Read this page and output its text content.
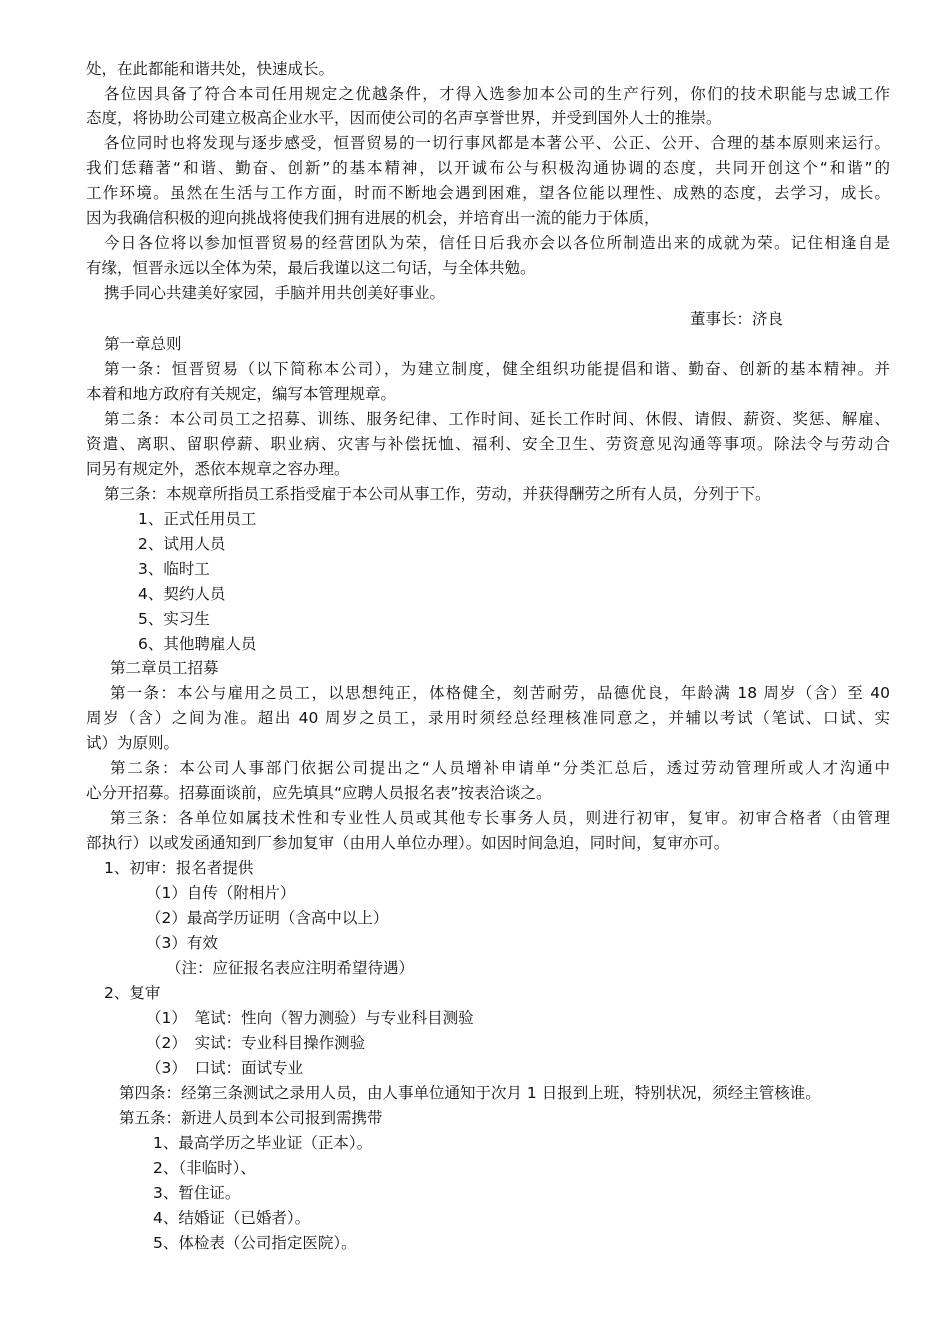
处，在此都能和谐共处，快速成长。
各位因具备了符合本司任用规定之优越条件，才得入选参加本公司的生产行列，你们的技术职能与忠诚工作
态度，将协助公司建立极高企业水平，因而使公司的名声享誉世界，并受到国外人士的推崇。
各位同时也将发现与逐步感受，恒晋贸易的一切行事风都是本著公平、公正、公开、合理的基本原则来运行。
我们恁藉著“和谐、勤奋、创新”的基本精神，以开诚布公与积极沟通协调的态度，共同开创这个“和谐”的
工作环境。虽然在生活与工作方面，时而不断地会遇到困难，望各位能以理性、成熟的态度，去学习，成长。
因为我确信积极的迎向挑战将使我们拥有进展的机会，并培育出一流的能力于体质，
今日各位将以参加恒晋贸易的经营团队为荣，信任日后我亦会以各位所制造出来的成就为荣。记住相逢自是
有缘，恒晋永远以全体为荣，最后我谨以这二句话，与全体共勉。
携手同心共建美好家园，手脑并用共创美好事业。
董事长：济良
第一章总则
第一条：恒晋贸易（以下简称本公司），为建立制度，健全组织功能提倡和谐、勤奋、创新的基本精神。并
本着和地方政府有关规定，编写本管理规章。
第二条：本公司员工之招募、训练、服务纪律、工作时间、延长工作时间、休假、请假、薪资、奖惩、解雇、
资遣、离职、留职停薪、职业病、灾害与补偿抚恤、福利、安全卫生、劳资意见沟通等事项。除法令与劳动合
同另有规定外，悉依本规章之容办理。
第三条：本规章所指员工系指受雇于本公司从事工作，劳动，并获得酬劳之所有人员，分列于下。
1、正式任用员工
2、试用人员
3、临时工
4、契约人员
5、实习生
6、其他聘雇人员
第二章员工招募
第一条：本公与雇用之员工，以思想纯正，体格健全，刻苦耐劳，品德优良，年龄满 18 周岁（含）至 40
周岁（含）之间为准。超出 40 周岁之员工，录用时须经总经理核准同意之，并辅以考试（笔试、口试、实
试）为原则。
第二条：本公司人事部门依据公司提出之“人员增补申请单“分类汇总后，透过劳动管理所或人才沟通中
心分开招募。招募面谈前，应先填具“应聘人员报名表”按表洽谈之。
第三条：各单位如属技术性和专业性人员或其他专长事务人员，则进行初审，复审。初审合格者（由管理
部执行）以或发函通知到厂参加复审（由用人单位办理）。如因时间急迫，同时间，复审亦可。
1、初审：报名者提供
（1）自传（附相片）
（2）最高学历证明（含高中以上）
（3）有效
（注：应征报名表应注明希望待遇）
2、复审
（1）　笔试：性向（智力测验）与专业科目测验
（2）　实试：专业科目操作测验
（3）　口试：面试专业
第四条：经第三条测试之录用人员，由人事单位通知于次月 1 日报到上班，特别状况，须经主管核谁。
第五条：新进人员到本公司报到需携带
1、最高学历之毕业证（正本）。
2、（非临时）、
3、暂住证。
4、结婚证（已婚者）。
5、体检表（公司指定医院）。
